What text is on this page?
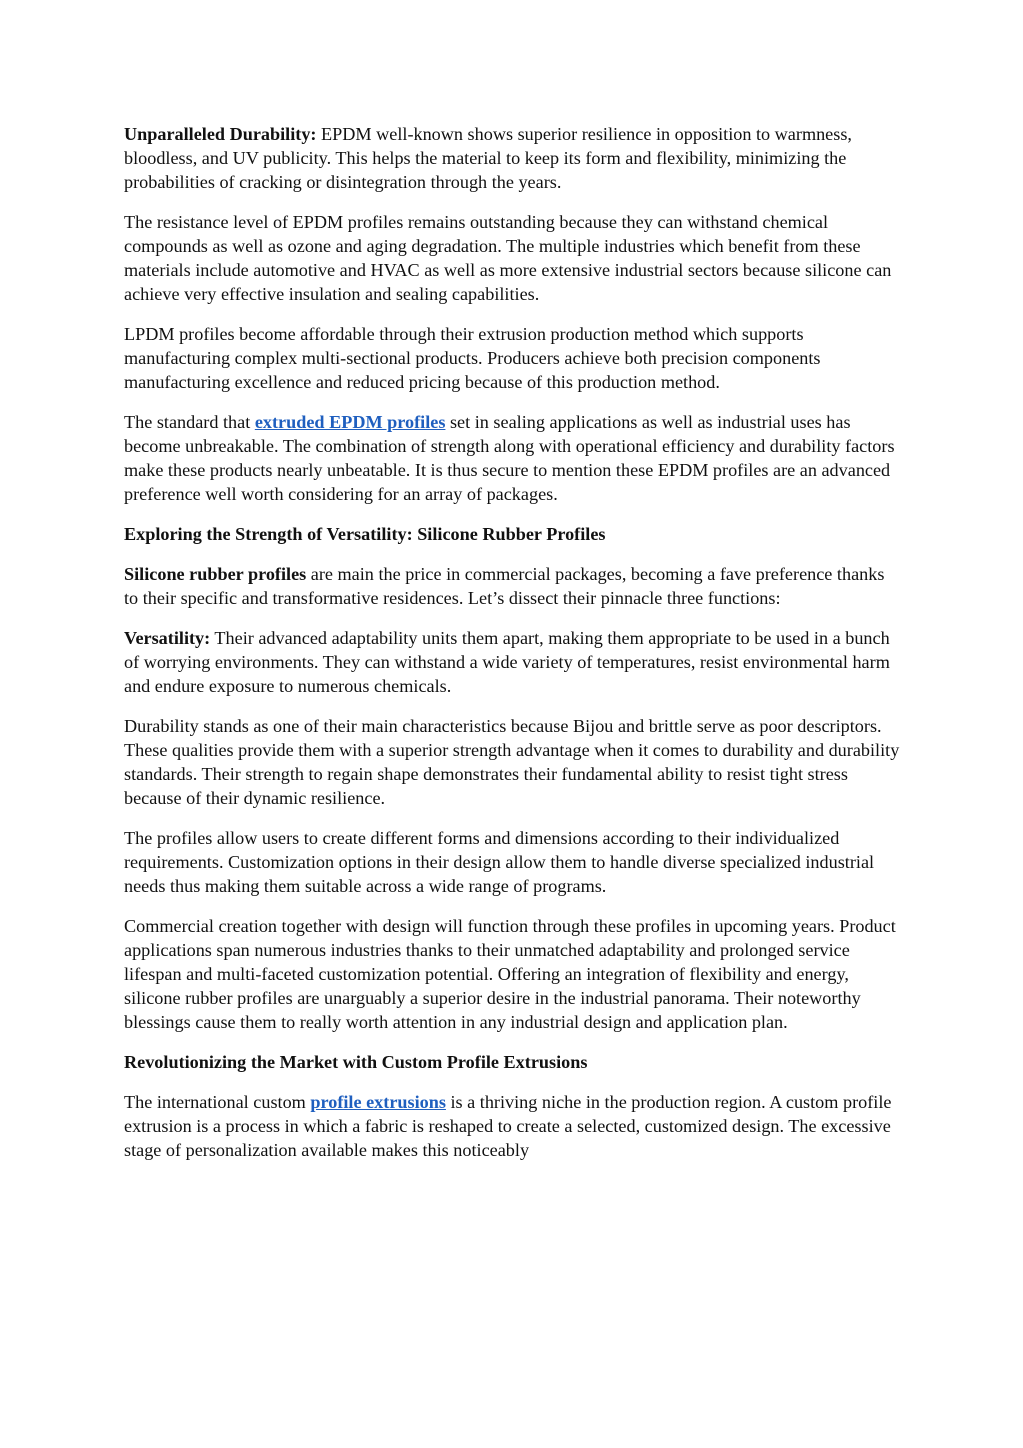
Unparalleled Durability: EPDM well-known shows superior resilience in opposition to warmness, bloodless, and UV publicity. This helps the material to keep its form and flexibility, minimizing the probabilities of cracking or disintegration through the years.

The resistance level of EPDM profiles remains outstanding because they can withstand chemical compounds as well as ozone and aging degradation. The multiple industries which benefit from these materials include automotive and HVAC as well as more extensive industrial sectors because silicone can achieve very effective insulation and sealing capabilities.

LPDM profiles become affordable through their extrusion production method which supports manufacturing complex multi-sectional products. Producers achieve both precision components manufacturing excellence and reduced pricing because of this production method.

The standard that extruded EPDM profiles set in sealing applications as well as industrial uses has become unbreakable. The combination of strength along with operational efficiency and durability factors make these products nearly unbeatable. It is thus secure to mention these EPDM profiles are an advanced preference well worth considering for an array of packages.

Exploring the Strength of Versatility: Silicone Rubber Profiles

Silicone rubber profiles are main the price in commercial packages, becoming a fave preference thanks to their specific and transformative residences. Let’s dissect their pinnacle three functions:

Versatility: Their advanced adaptability units them apart, making them appropriate to be used in a bunch of worrying environments. They can withstand a wide variety of temperatures, resist environmental harm and endure exposure to numerous chemicals.

Durability stands as one of their main characteristics because Bijou and brittle serve as poor descriptors. These qualities provide them with a superior strength advantage when it comes to durability and durability standards. Their strength to regain shape demonstrates their fundamental ability to resist tight stress because of their dynamic resilience.

The profiles allow users to create different forms and dimensions according to their individualized requirements. Customization options in their design allow them to handle diverse specialized industrial needs thus making them suitable across a wide range of programs.

Commercial creation together with design will function through these profiles in upcoming years. Product applications span numerous industries thanks to their unmatched adaptability and prolonged service lifespan and multi-faceted customization potential. Offering an integration of flexibility and energy, silicone rubber profiles are unarguably a superior desire in the industrial panorama. Their noteworthy blessings cause them to really worth attention in any industrial design and application plan.

Revolutionizing the Market with Custom Profile Extrusions

The international custom profile extrusions is a thriving niche in the production region. A custom profile extrusion is a process in which a fabric is reshaped to create a selected, customized design. The excessive stage of personalization available makes this noticeably
